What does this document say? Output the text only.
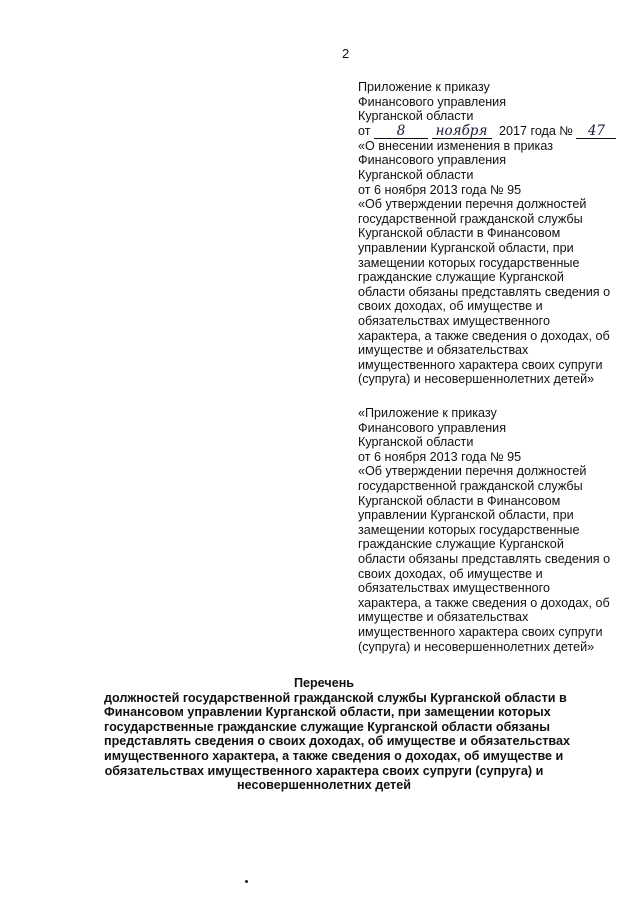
2
Приложение к приказу
Финансового управления
Курганской области
от 8 ноября 2017 года № 47
«О внесении изменения в приказ
Финансового управления
Курганской области
от 6 ноября 2013 года № 95
«Об утверждении перечня должностей
государственной гражданской службы
Курганской области в Финансовом
управлении Курганской области, при
замещении которых государственные
гражданские служащие Курганской
области обязаны представлять сведения о
своих доходах, об имуществе и
обязательствах имущественного
характера, а также сведения о доходах, об
имуществе и обязательствах
имущественного характера своих супруги
(супруга) и несовершеннолетних детей»
«Приложение к приказу
Финансового управления
Курганской области
от 6 ноября 2013 года № 95
«Об утверждении перечня должностей
государственной гражданской службы
Курганской области в Финансовом
управлении Курганской области, при
замещении которых государственные
гражданские служащие Курганской
области обязаны представлять сведения о
своих доходах, об имуществе и
обязательствах имущественного
характера, а также сведения о доходах, об
имуществе и обязательствах
имущественного характера своих супруги
(супруга) и несовершеннолетних детей»
Перечень
должностей государственной гражданской службы Курганской области в
Финансовом управлении Курганской области, при замещении которых
государственные гражданские служащие Курганской области обязаны
представлять сведения о своих доходах, об имуществе и обязательствах
имущественного характера, а также сведения о доходах, об имуществе и
обязательствах имущественного характера своих супруги (супруга) и
несовершеннолетних детей
